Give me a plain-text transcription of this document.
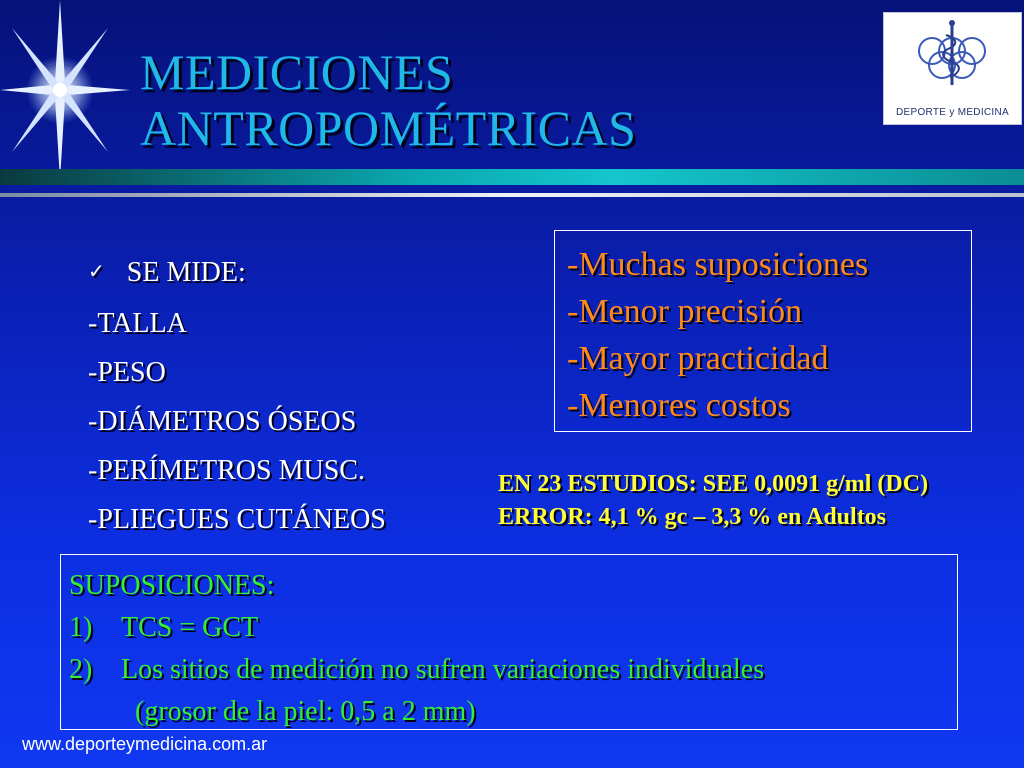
MEDICIONES
ANTROPOMÉTRICAS	DEPORTE y MEDICINA
✓ SE MIDE:
-TALLA
-PESO
-DIÁMETROS ÓSEOS
-PERÍMETROS MUSC.
-PLIEGUES CUTÁNEOS
-Muchas suposiciones
-Menor precisión
-Mayor practicidad
-Menores costos
EN 23 ESTUDIOS: SEE 0,0091 g/ml (DC)
ERROR: 4,1 % gc – 3,3 % en Adultos
SUPOSICIONES:
1) TCS = GCT
2) Los sitios de medición no sufren variaciones individuales
(grosor de la piel: 0,5 a 2 mm)
www.deporteymedicina.com.ar
